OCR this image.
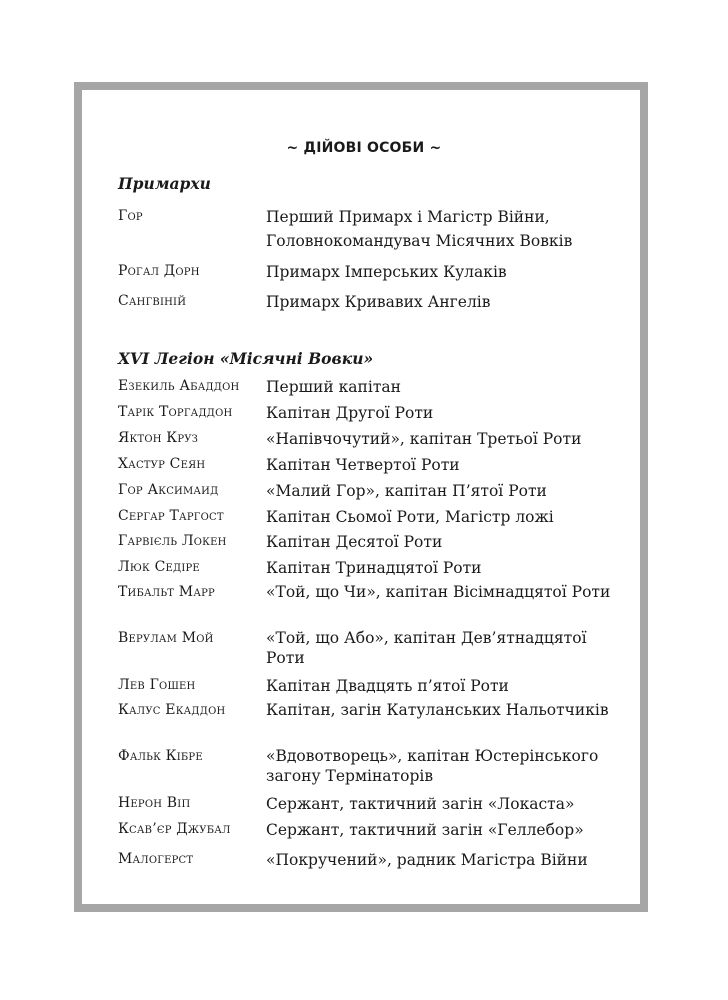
~ ДІЙОВІ ОСОБИ ~
Примархи
Гор	Перший Примарх і Магістр Війни, Головнокомандувач Місячних Вовків
Рогал Дорн	Примарх Імперських Кулаків
Сангвіній	Примарх Кривавих Ангелів
XVI Легіон «Місячні Вовки»
Езекиль Абаддон	Перший капітан
Тарік Торгаддон	Капітан Другої Роти
Яктон Круз	«Напівчочутий», капітан Третьої Роти
Хастур Сеян	Капітан Четвертої Роти
Гор Аксимаид	«Малий Гор», капітан П’ятої Роти
Сергар Таргост	Капітан Сьомої Роти, Магістр ложі
Гарвієль Локен	Капітан Десятої Роти
Люк Седіре	Капітан Тринадцятої Роти
Тибальт Марр	«Той, що Чи», капітан Вісімнадцятої Роти
Верулам Мой	«Той, що Або», капітан Дев’ятнадцятої Роти
Лев Гошен	Капітан Двадцять п’ятої Роти
Калус Екаддон	Капітан, загін Катуланських Нальотчиків
Фальк Кібре	«Вдовотворець», капітан Юстерінського загону Термінаторів
Нерон Віп	Сержант, тактичний загін «Локаста»
Ксав’єр Джубал	Сержант, тактичний загін «Геллебор»
Малогерст	«Покручений», радник Магістра Війни
